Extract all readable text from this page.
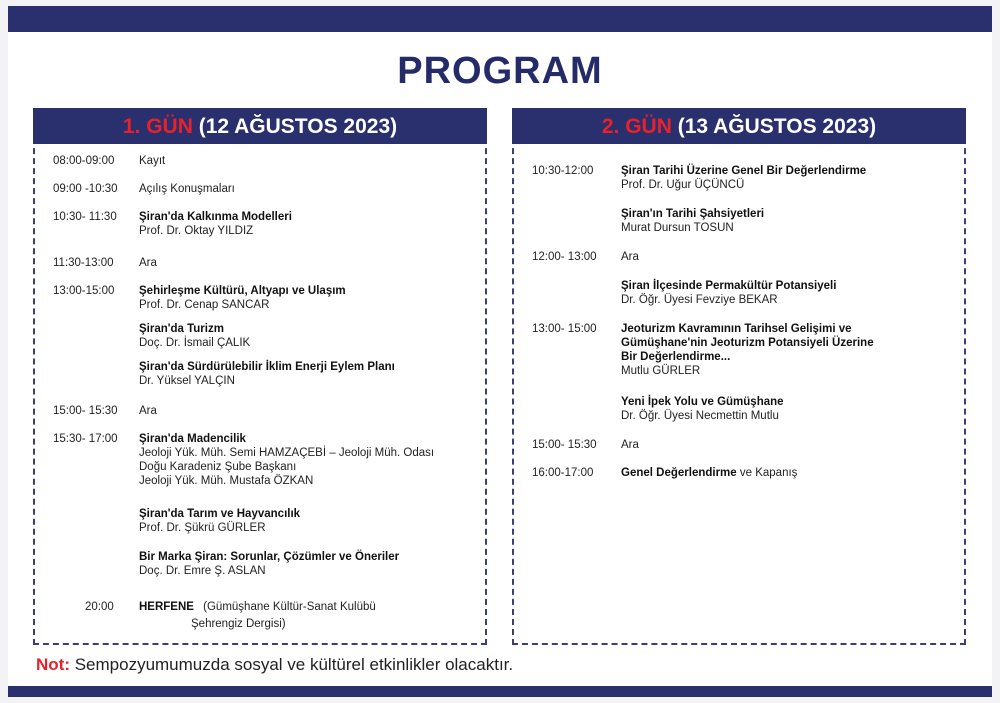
PROGRAM
1. GÜN (12 AĞUSTOS 2023)
08:00-09:00 Kayıt
09:00 -10:30 Açılış Konuşmaları
10:30- 11:30 Şiran'da Kalkınma Modelleri
Prof. Dr. Oktay YILDIZ
11:30-13:00 Ara
13:00-15:00 Şehirleşme Kültürü, Altyapı ve Ulaşım
Prof. Dr. Cenap SANCAR
Şiran'da Turizm
Doç. Dr. İsmail ÇALIK
Şiran'da Sürdürülebilir İklim Enerji Eylem Planı
Dr. Yüksel YALÇIN
15:00- 15:30 Ara
15:30- 17:00 Şiran'da Madencilik
Jeoloji Yük. Müh. Semi HAMZAÇEBİ – Jeoloji Müh. Odası
Doğu Karadeniz Şube Başkanı
Jeoloji Yük. Müh. Mustafa ÖZKAN
Şiran'da Tarım ve Hayvancılık
Prof. Dr. Şükrü GÜRLER
Bir Marka Şiran: Sorunlar, Çözümler ve Öneriler
Doç. Dr. Emre Ş. ASLAN
20:00 HERFENE (Gümüşhane Kültür-Sanat Kulübü
Şehrengiz Dergisi)
2. GÜN (13 AĞUSTOS 2023)
10:30-12:00 Şiran Tarihi Üzerine Genel Bir Değerlendirme
Prof. Dr. Uğur ÜÇÜNCÜ
Şiran'ın Tarihi Şahsiyetleri
Murat Dursun TOSUN
12:00- 13:00 Ara
Şiran İlçesinde Permakültür Potansiyeli
Dr. Öğr. Üyesi Fevziye BEKAR
13:00- 15:00 Jeoturizm Kavramının Tarihsel Gelişimi ve
Gümüşhane'nin Jeoturizm Potansiyeli Üzerine
Bir Değerlendirme...
Mutlu GÜRLER
Yeni İpek Yolu ve Gümüşhane
Dr. Öğr. Üyesi Necmettin Mutlu
15:00- 15:30 Ara
16:00-17:00 Genel Değerlendirme ve Kapanış
Not: Sempozyumumuzda sosyal ve kültürel etkinlikler olacaktır.
